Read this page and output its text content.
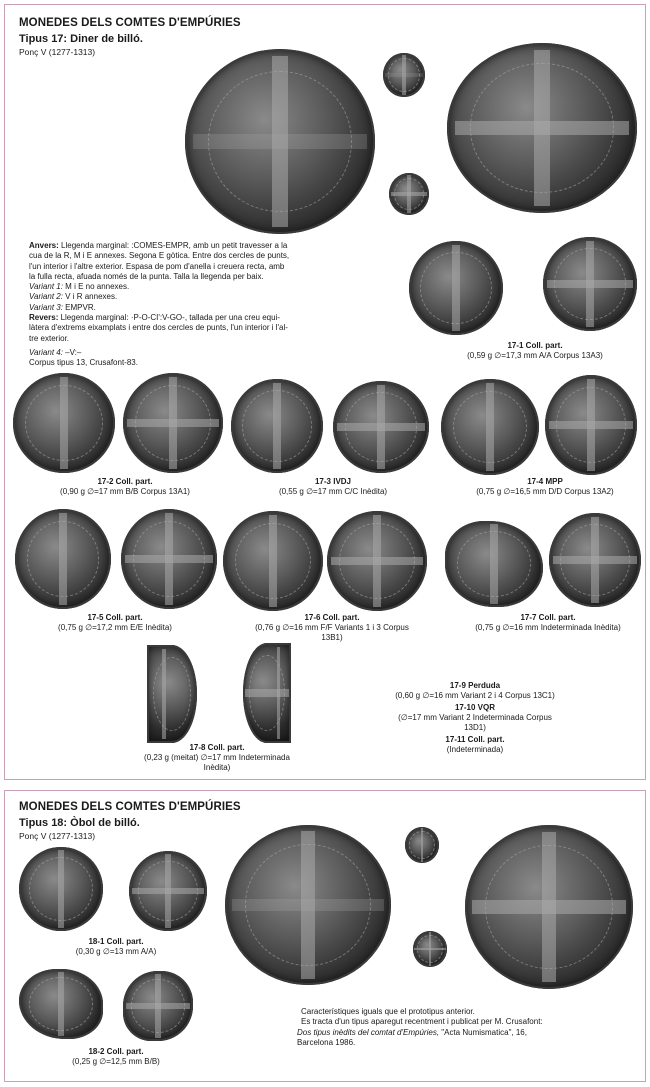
MONEDES DELS COMTES D'EMPÚRIES
Tipus 17: Diner de billó.
Ponç V (1277-1313)
Anvers: Llegenda marginal: :COMES-EMPR, amb un petit travesser a la
cua de la R, M i E annexes. Segona E gòtica. Entre dos cercles de punts,
l'un interior i l'altre exterior. Espasa de pom d'anella i creuera recta, amb
la fulla recta, afuada només de la punta. Talla la llegenda per baix.
Variant 1: M i E no annexes.
Variant 2: V i R annexes.
Variant 3: EMPVR.
Revers: Llegenda marginal: ·P-O-CI':V-GO-, tallada per una creu equi-
làtera d'extrems eixamplats i entre dos cercles de punts, l'un interior i l'al-
tre exterior.
Variant 4: –V:–
Corpus tipus 13, Crusafont-83.
17-1 Coll. part.
(0,59 g ∅=17,3 mm A/A Corpus 13A3)
17-2 Coll. part.
(0,90 g ∅=17 mm B/B Corpus 13A1)
17-3 IVDJ
(0,55 g ∅=17 mm C/C Inèdita)
17-4 MPP
(0,75 g ∅=16,5 mm D/D Corpus 13A2)
17-5 Coll. part.
(0,75 g ∅=17,2 mm E/E Inèdita)
17-6 Coll. part.
(0,76 g ∅=16 mm F/F Variants 1 i 3 Corpus
13B1)
17-7 Coll. part.
(0,75 g ∅=16 mm Indeterminada Inèdita)
17-8 Coll. part.
(0,23 g (meitat) ∅=17 mm Indeterminada
Inèdita)
17-9 Perduda
(0,60 g ∅=16 mm Variant 2 i 4 Corpus 13C1)
17-10 VQR
(∅=17 mm Variant 2 Indeterminada Corpus
13D1)
17-11 Coll. part.
(Indeterminada)
MONEDES DELS COMTES D'EMPÚRIES
Tipus 18: Òbol de billó.
Ponç V (1277-1313)
18-1 Coll. part.
(0,30 g ∅=13 mm A/A)
18-2 Coll. part.
(0,25 g ∅=12,5 mm B/B)
Característiques iguals que el prototipus anterior.
Es tracta d'un tipus aparegut recentment i publicat per M. Crusafont:
Dos tipus inèdits del comtat d'Empúries, "Acta Numismatica", 16,
Barcelona 1986.
